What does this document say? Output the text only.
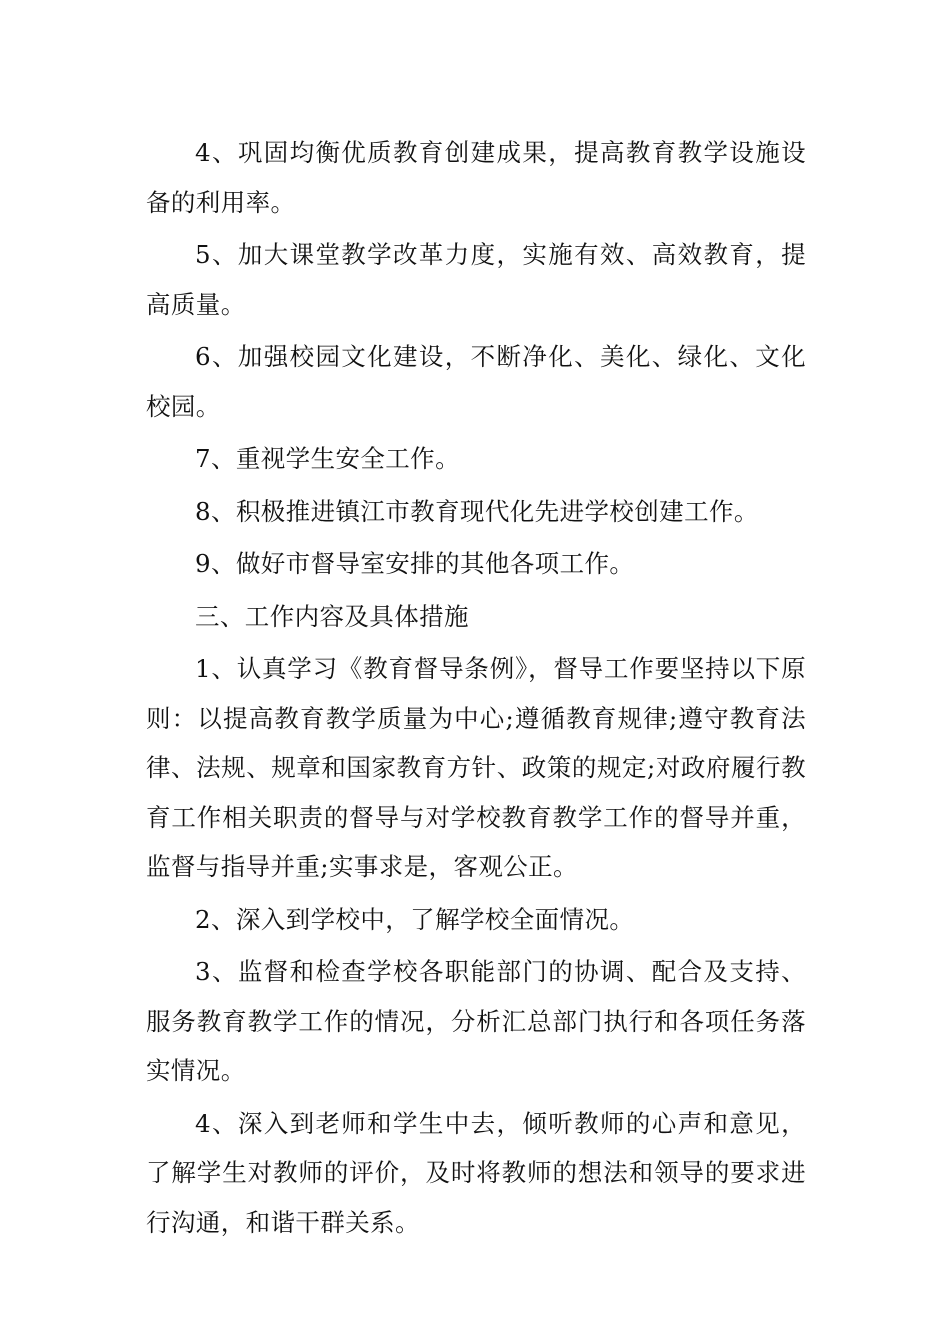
4、巩固均衡优质教育创建成果，提高教育教学设施设备的利用率。

5、加大课堂教学改革力度，实施有效、高效教育，提高质量。

6、加强校园文化建设，不断净化、美化、绿化、文化校园。

7、重视学生安全工作。

8、积极推进镇江市教育现代化先进学校创建工作。

9、做好市督导室安排的其他各项工作。

三、工作内容及具体措施

1、认真学习《教育督导条例》，督导工作要坚持以下原则：以提高教育教学质量为中心;遵循教育规律;遵守教育法律、法规、规章和国家教育方针、政策的规定;对政府履行教育工作相关职责的督导与对学校教育教学工作的督导并重，监督与指导并重;实事求是，客观公正。

2、深入到学校中，了解学校全面情况。

3、监督和检查学校各职能部门的协调、配合及支持、服务教育教学工作的情况，分析汇总部门执行和各项任务落实情况。

4、深入到老师和学生中去，倾听教师的心声和意见，了解学生对教师的评价，及时将教师的想法和领导的要求进行沟通，和谐干群关系。
